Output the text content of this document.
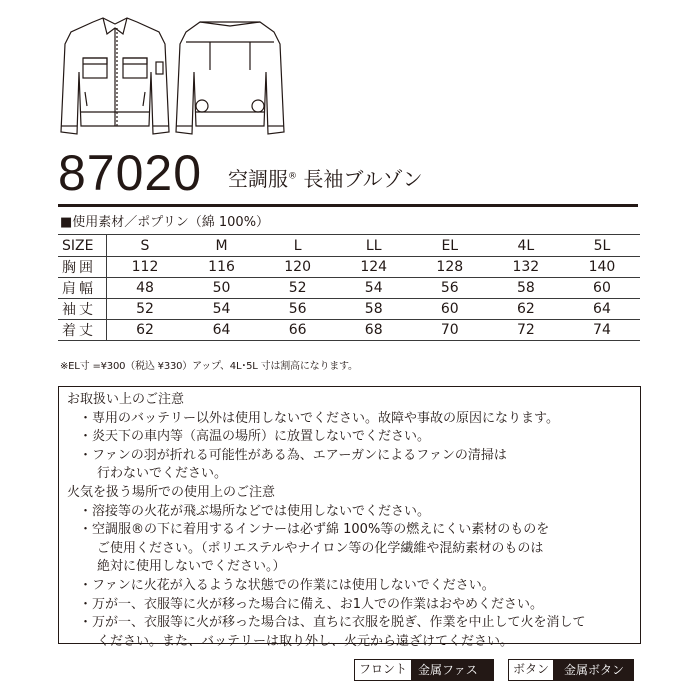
87020 空調服® 長袖ブルゾン
■使用素材／ポプリン（綿 100%）
SIZE	S	M	L	LL	EL	4L	5L
胸囲	112	116	120	124	128	132	140
肩幅	48	50	52	54	56	58	60
袖丈	52	54	56	58	60	62	64
着丈	62	64	66	68	70	72	74
※EL寸 =¥300（税込 ¥330）アップ、4L･5L 寸は割高になります。
お取扱い上のご注意
・専用のバッテリー以外は使用しないでください。故障や事故の原因になります。
・炎天下の車内等（高温の場所）に放置しないでください。
・ファンの羽が折れる可能性がある為、エアーガンによるファンの清掃は
行わないでください。
火気を扱う場所での使用上のご注意
・溶接等の火花が飛ぶ場所などでは使用しないでください。
・空調服®の下に着用するインナーは必ず綿 100%等の燃えにくい素材のものを
ご使用ください。（ポリエステルやナイロン等の化学繊維や混紡素材のものは
絶対に使用しないでください。）
・ファンに火花が入るような状態での作業には使用しないでください。
・万が一、衣服等に火が移った場合に備え、お1人での作業はおやめください。
・万が一、衣服等に火が移った場合は、直ちに衣服を脱ぎ、作業を中止して火を消して
ください。また、バッテリーは取り外し、火元から遠ざけてください。
フロント 金属ファスナー
ボタン	金属ボタン
